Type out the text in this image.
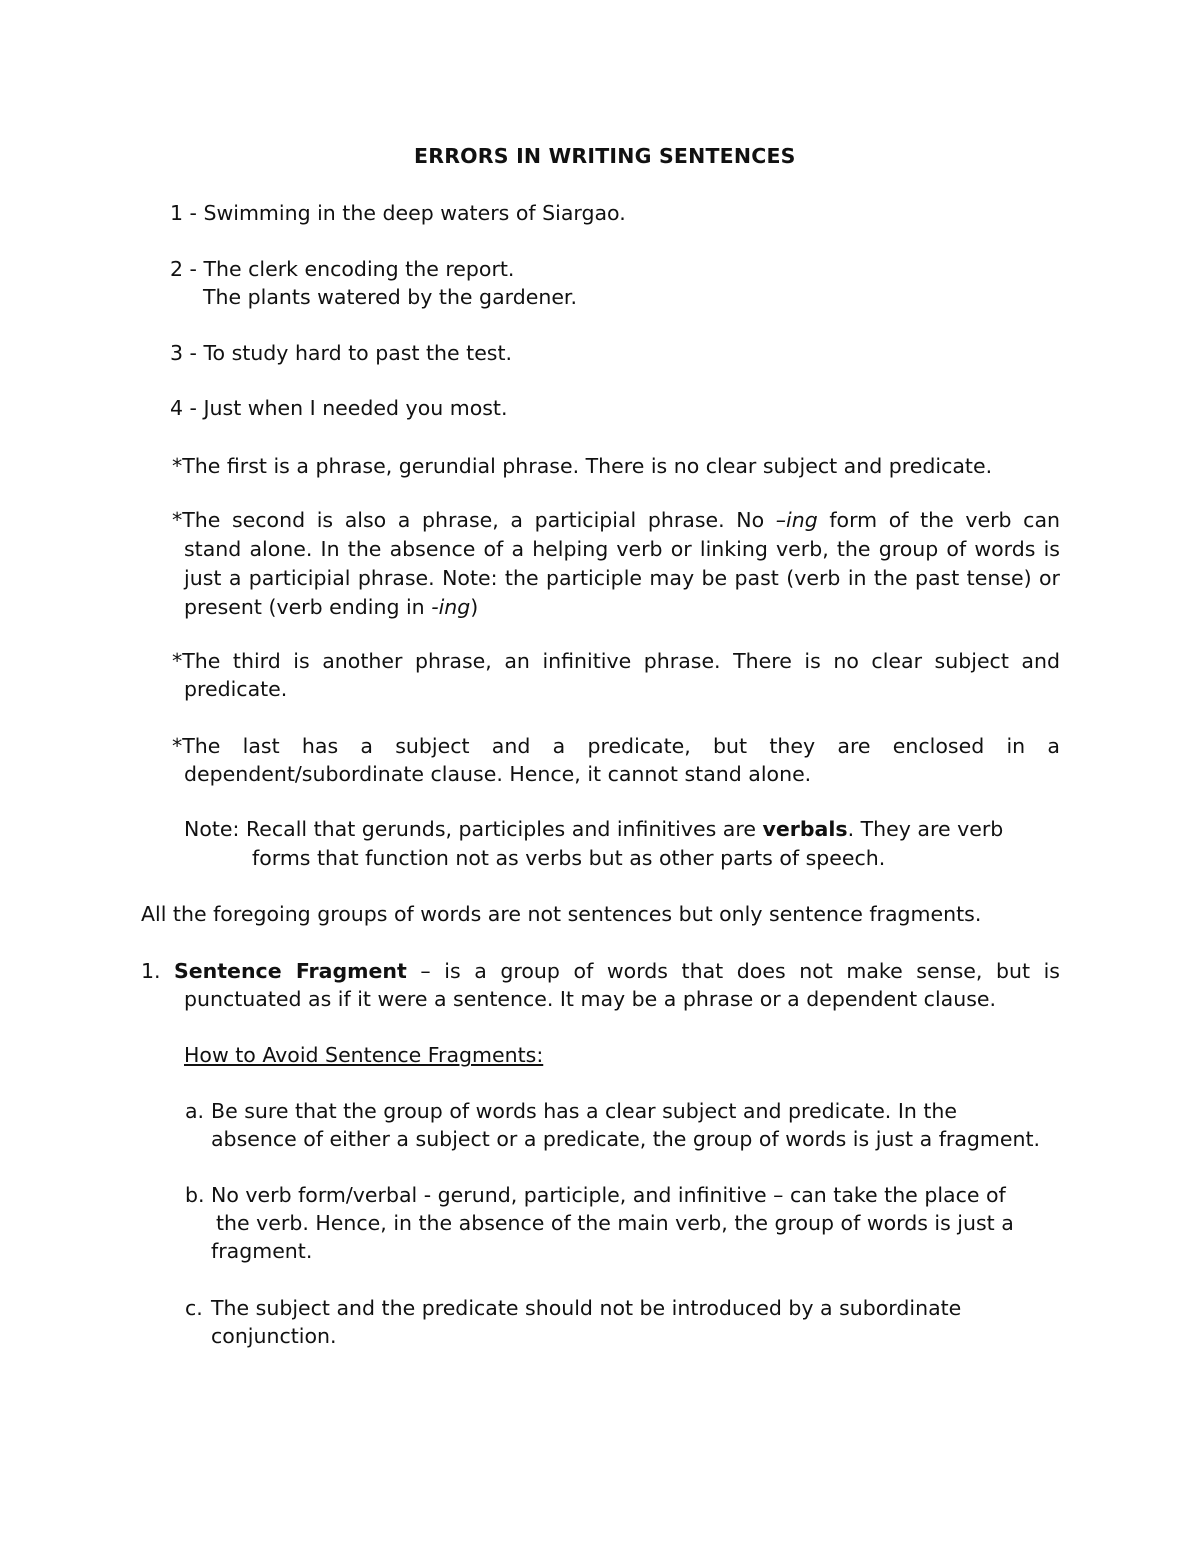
ERRORS IN WRITING SENTENCES
1 - Swimming in the deep waters of Siargao.
2 - The clerk encoding the report.
The plants watered by the gardener.
3 - To study hard to past the test.
4 - Just when I needed you most.
*The first is a phrase, gerundial phrase. There is no clear subject and predicate.
*The second is also a phrase, a participial phrase. No –ing form of the verb can
stand alone. In the absence of a helping verb or linking verb, the group of words is
just a participial phrase. Note: the participle may be past (verb in the past tense) or
present (verb ending in -ing)
*The third is another phrase, an infinitive phrase. There is no clear subject and
predicate.
*The last has a subject and a predicate, but they are enclosed in a
dependent/subordinate clause. Hence, it cannot stand alone.
Note: Recall that gerunds, participles and infinitives are verbals. They are verb
forms that function not as verbs but as other parts of speech.
All the foregoing groups of words are not sentences but only sentence fragments.
1. Sentence Fragment – is a group of words that does not make sense, but is
punctuated as if it were a sentence. It may be a phrase or a dependent clause.
How to Avoid Sentence Fragments:
a. Be sure that the group of words has a clear subject and predicate. In the
absence of either a subject or a predicate, the group of words is just a fragment.
b. No verb form/verbal - gerund, participle, and infinitive – can take the place of
the verb. Hence, in the absence of the main verb, the group of words is just a
fragment.
c. The subject and the predicate should not be introduced by a subordinate
conjunction.
